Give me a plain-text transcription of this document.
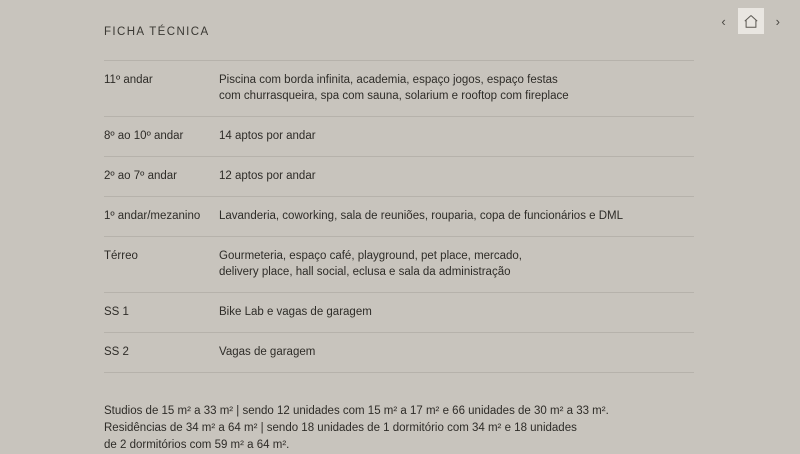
‹	›
FICHA TÉCNICA
11º andar	Piscina com borda infinita, academia, espaço jogos, espaço festas
com churrasqueira, spa com sauna, solarium e rooftop com fireplace

8º ao 10º andar	14 aptos por andar

2º ao 7º andar	12 aptos por andar

1º andar/mezanino	Lavanderia, coworking, sala de reuniões, rouparia, copa de funcionários e DML

Térreo	Gourmeteria, espaço café, playground, pet place, mercado,
delivery place, hall social, eclusa e sala da administração

SS 1	Bike Lab e vagas de garagem

SS 2	Vagas de garagem
Studios de 15 m² a 33 m² | sendo 12 unidades com 15 m² a 17 m² e 66 unidades de 30 m² a 33 m².
Residências de 34 m² a 64 m² | sendo 18 unidades de 1 dormitório com 34 m² e 18 unidades
de 2 dormitórios com 59 m² a 64 m².
